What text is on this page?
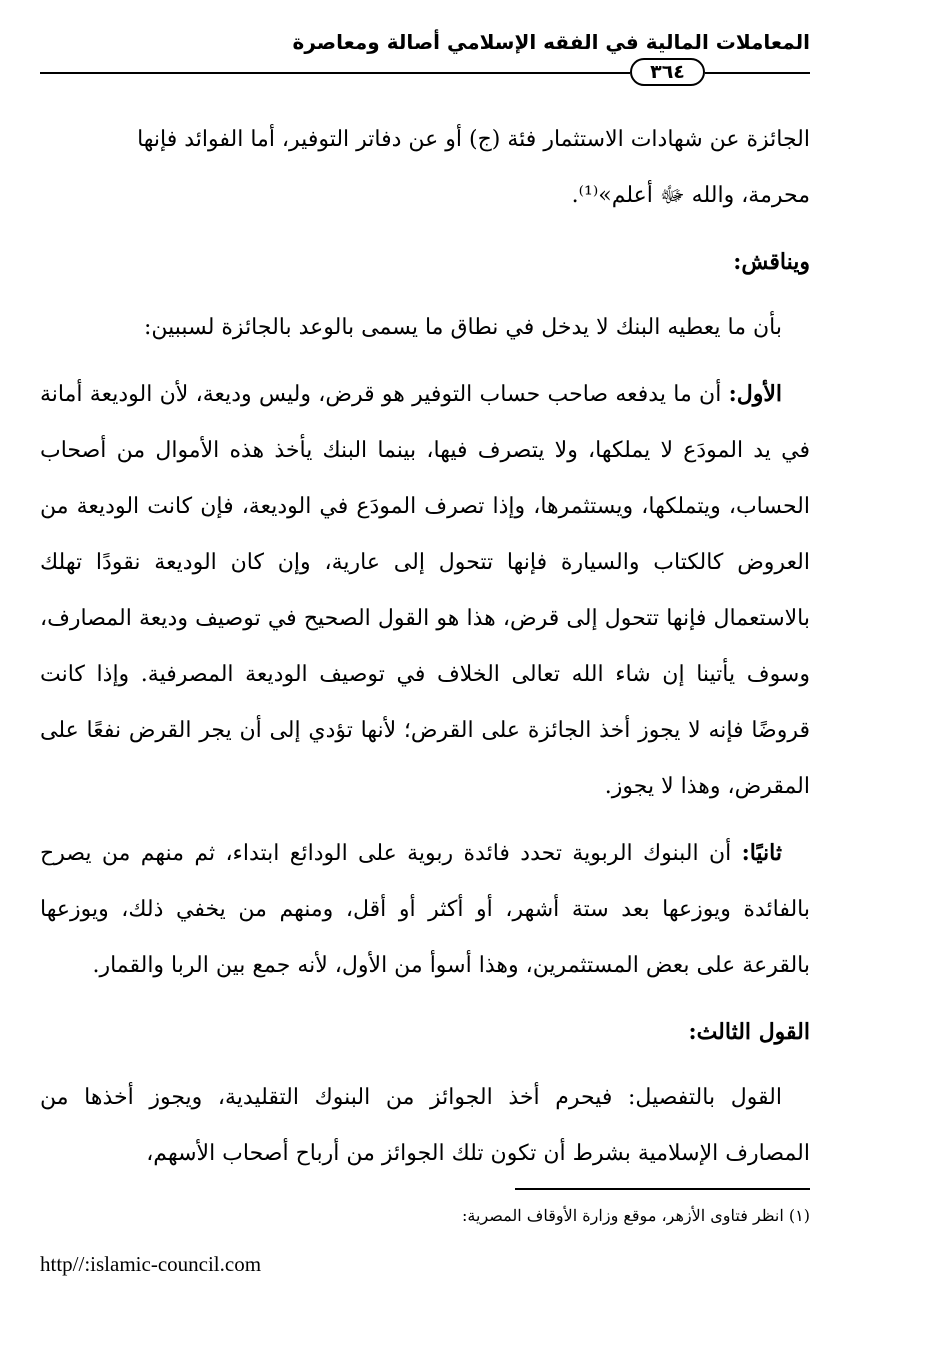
المعاملات المالية في الفقه الإسلامي أصالة ومعاصرة
٣٦٤

الجائزة عن شهادات الاستثمار فئة (ج) أو عن دفاتر التوفير، أما الفوائد فإنها

محرمة، والله ﷻ أعلم»⁽¹⁾.

ويناقش:

بأن ما يعطيه البنك لا يدخل في نطاق ما يسمى بالوعد بالجائزة لسببين:

الأول: أن ما يدفعه صاحب حساب التوفير هو قرض، وليس وديعة، لأن الوديعة أمانة في يد المودَع لا يملكها، ولا يتصرف فيها، بينما البنك يأخذ هذه الأموال من أصحاب الحساب، ويتملكها، ويستثمرها، وإذا تصرف المودَع في الوديعة، فإن كانت الوديعة من العروض كالكتاب والسيارة فإنها تتحول إلى عارية، وإن كان الوديعة نقودًا تهلك بالاستعمال فإنها تتحول إلى قرض، هذا هو القول الصحيح في توصيف وديعة المصارف، وسوف يأتينا إن شاء الله تعالى الخلاف في توصيف الوديعة المصرفية. وإذا كانت قروضًا فإنه لا يجوز أخذ الجائزة على القرض؛ لأنها تؤدي إلى أن يجر القرض نفعًا على المقرض، وهذا لا يجوز.

ثانيًا: أن البنوك الربوية تحدد فائدة ربوية على الودائع ابتداء، ثم منهم من يصرح بالفائدة ويوزعها بعد ستة أشهر، أو أكثر أو أقل، ومنهم من يخفي ذلك، ويوزعها بالقرعة على بعض المستثمرين، وهذا أسوأ من الأول، لأنه جمع بين الربا والقمار.

القول الثالث:

القول بالتفصيل: فيحرم أخذ الجوائز من البنوك التقليدية، ويجوز أخذها من المصارف الإسلامية بشرط أن تكون تلك الجوائز من أرباح أصحاب الأسهم،

(١) انظر فتاوى الأزهر، موقع وزارة الأوقاف المصرية:
http//:islamic-council.com
